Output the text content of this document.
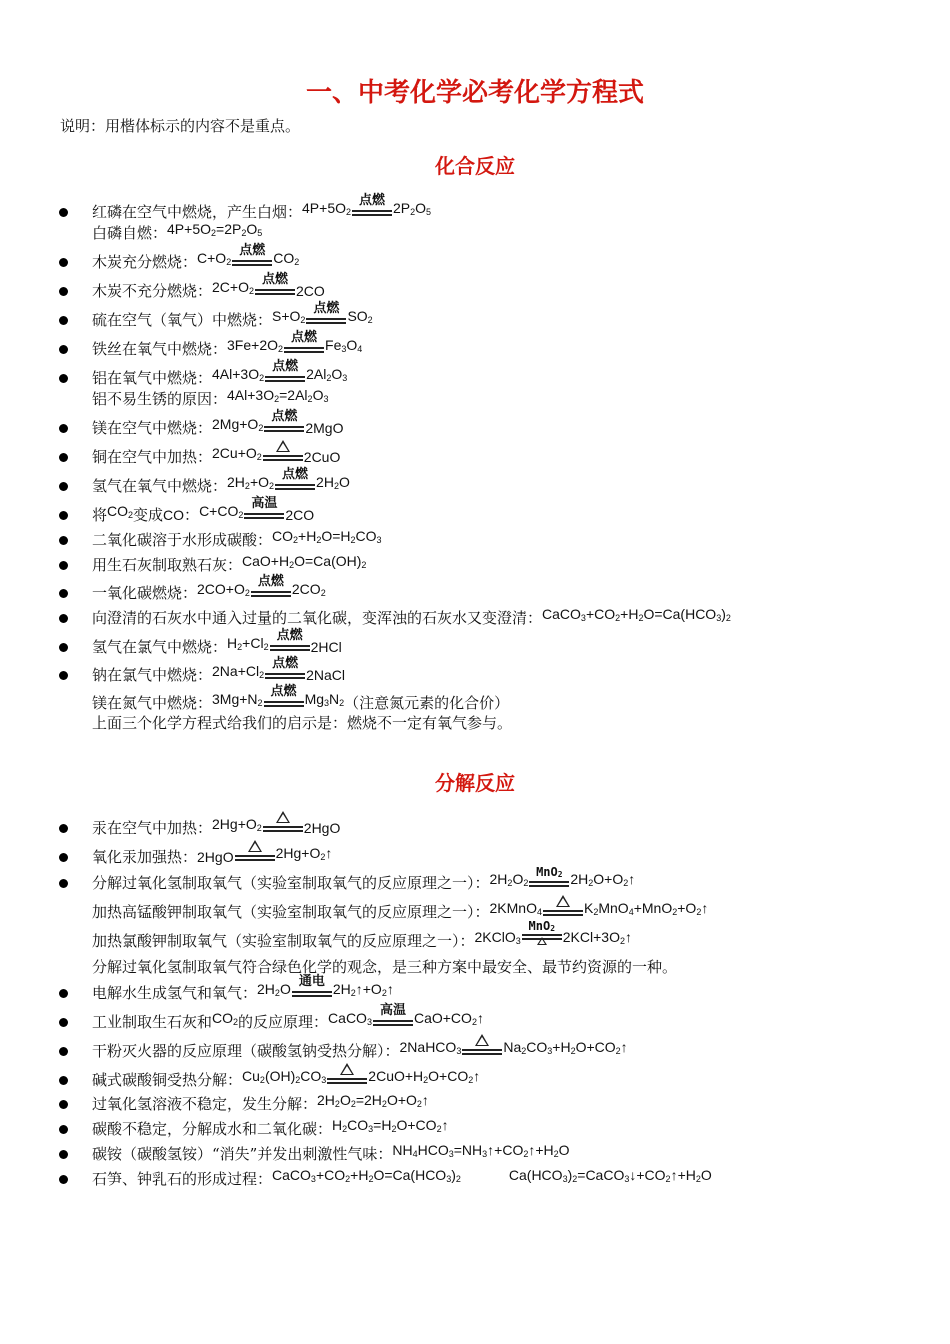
一、中考化学必考化学方程式
说明：用楷体标示的内容不是重点。
化合反应
分解反应
红磷在空气中燃烧，产生白烟： $4P+5O_2$
点燃 $2P_2O_5$
白磷自燃： $4P+5O_2=2P_2O_5$
木炭充分燃烧： $C+O_2$
点燃 $CO_2$
木炭不充分燃烧： $2C+O_2$
点燃
2CO
硫在空气（氧气）中燃烧： $S+O_2$
点燃 $SO_2$
铁丝在氧气中燃烧： $3Fe+2O_2$
点燃 $Fe_3O_4$
铝在氧气中燃烧： $4Al+3O_2$
点燃 $2Al_2O_3$
铝不易生锈的原因： $4Al+3O_2=2Al_2O_3$
镁在空气中燃烧： $2Mg+O_2$
点燃
2MgO
铜在空气中加热： $2Cu+O_2$	2CuO
氢气在氧气中燃烧： $2H_2+O_2$
点燃 $2H_2O$
将 $CO_2$ 变成 CO ： $C+CO_2$
高温
2CO
二氧化碳溶于水形成碳酸： $CO_2+H_2O=H_2CO_3$
用生石灰制取熟石灰： $CaO+H_2O=Ca(OH)_2$
一氧化碳燃烧： $2CO+O_2$
点燃 $2CO_2$
向澄清的石灰水中通入过量的二氧化碳，变浑浊的石灰水又变澄清： $CaCO_3+CO_2+H_2O=Ca(HCO_3)_2$
氢气在氯气中燃烧： $H_2+Cl_2$
点燃
2HCl
钠在氯气中燃烧： $2Na+Cl_2$
点燃
2NaCl
镁在氮气中燃烧： $3Mg+N_2$
点燃 $Mg_3N_2$ （注意氮元素的化合价）
上面三个化学方程式给我们的启示是：燃烧不一定有氧气参与。
汞在空气中加热： $2Hg+O_2$	2HgO
氧化汞加强热： 2HgO	$2Hg+O_2↑$
分解过氧化氢制取氧气（实验室制取氧气的反应原理之一）： $2H_2O_2$
MnO$_2$ $2H_2O+O_2↑$
加热高锰酸钾制取氧气（实验室制取氧气的反应原理之一）： 2KMnO$_4$	$K_2MnO_4+MnO_2+O_2↑$
加热氯酸钾制取氧气（实验室制取氧气的反应原理之一）： 2KClO$_3$
MnO$_2$
$2KCl+3O_2↑$
分解过氧化氢制取氧气符合绿色化学的观念，是三种方案中最安全、最节约资源的一种。
电解水生成氢气和氧气： $2H_2O$ 通电 $2H_2↑+O_2↑$
工业制取生石灰和 $CO_2$ 的反应原理： CaCO$_3$
高温 $CaO+CO_2↑$
干粉灭火器的反应原理（碳酸氢钠受热分解）： 2NaHCO$_3$	$Na_2CO_3+H_2O+CO_2↑$
碱式碳酸铜受热分解： $Cu_2(OH)_2CO_3$	$2CuO+H_2O+CO_2↑$
过氧化氢溶液不稳定，发生分解： $2H_2O_2=2H_2O+O_2↑$
碳酸不稳定，分解成水和二氧化碳： $H_2CO_3=H_2O+CO_2↑$
碳铵（碳酸氢铵）“消失”并发出刺激性气味： $NH_4HCO_3=NH_3↑+CO_2↑+H_2O$
石笋、钟乳石的形成过程： $CaCO_3+CO_2+H_2O=Ca(HCO_3)_2$	$Ca(HCO_3)_2=CaCO_3↓+CO_2↑+H_2O$
